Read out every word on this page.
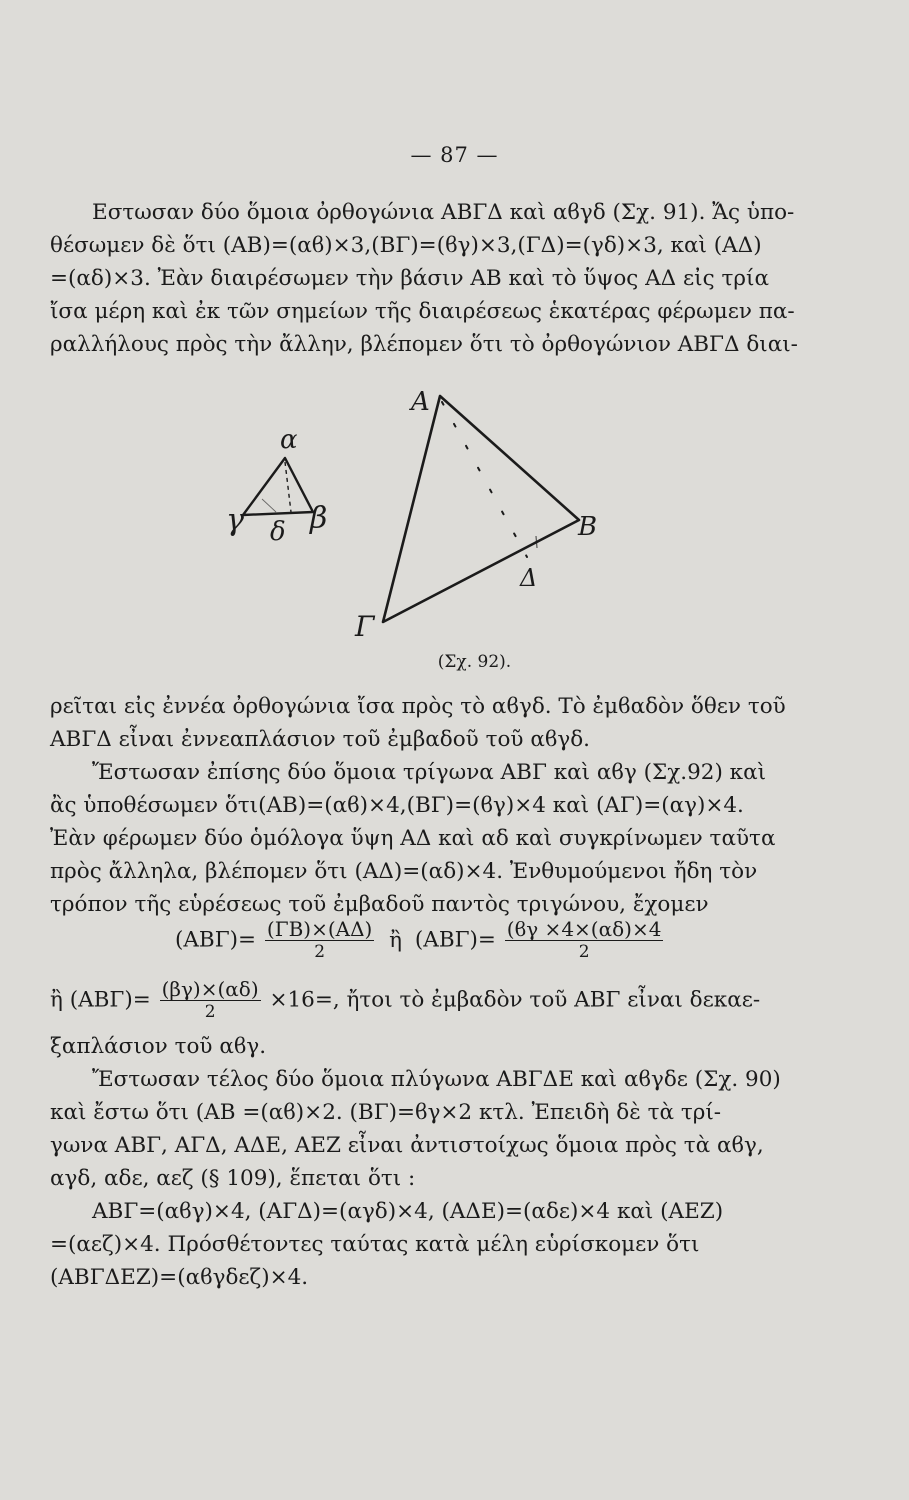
— 87 —
Εστωσαν δύο ὅμοια ὀρθογώνια ΑΒΓΔ καὶ αϐγδ (Σχ. 91). Ἄς ὑπο-
θέσωμεν δὲ ὅτι (ΑΒ)=(αϐ)×3,(ΒΓ)=(ϐγ)×3,(ΓΔ)=(γδ)×3, καὶ (ΑΔ)
=(αδ)×3. Ἐὰν διαιρέσωμεν τὴν βάσιν ΑΒ καὶ τὸ ὕψος ΑΔ εἰς τρία
ἴσα μέρη καὶ ἐκ τῶν σημείων τῆς διαιρέσεως ἑκατέρας φέρωμεν πα-
ραλλήλους πρὸς τὴν ἄλλην, βλέπομεν ὅτι τὸ ὀρθογώνιον ΑΒΓΔ διαι-
α
γ δ β
Α
Β
Γ
Δ
(Σχ. 92).
ρεῖται εἰς ἐννέα ὀρθογώνια ἴσα πρὸς τὸ αϐγδ. Τὸ ἐμϐαδὸν ὅθεν τοῦ
ΑΒΓΔ εἶναι ἐννεαπλάσιον τοῦ ἐμβαδοῦ τοῦ αϐγδ.
Ἔστωσαν ἐπίσης δύο ὅμοια τρίγωνα ΑΒΓ καὶ αϐγ (Σχ.92) καὶ
ἂς ὑποθέσωμεν ὅτι(ΑΒ)=(αϐ)×4,(ΒΓ)=(ϐγ)×4 καὶ (ΑΓ)=(αγ)×4.
Ἐὰν φέρωμεν δύο ὁμόλογα ὕψη ΑΔ καὶ αδ καὶ συγκρίνωμεν ταῦτα
πρὸς ἄλληλα, βλέπομεν ὅτι (ΑΔ)=(αδ)×4. Ἐνθυμούμενοι ἤδη τὸν
τρόπον τῆς εὑρέσεως τοῦ ἐμβαδοῦ παντὸς τριγώνου, ἔχομεν
$(AB\Gamma)= \frac{(\Gamma B)\times(A\Delta)}{2}$ ἢ $(AB\Gamma)= \frac{(ϐ\gamma \times 4\times(\alpha\delta)\times 4}{2}$
ἢ $(AB\Gamma)= \frac{(\beta\gamma)\times(\alpha\delta)}{2} \times 16=$, ἤτοι τὸ ἐμβαδὸν τοῦ ΑΒΓ εἶναι δεκαε-
ξαπλάσιον τοῦ αϐγ.
Ἔστωσαν τέλος δύο ὅμοια πλύγωνα ΑΒΓΔΕ καὶ αϐγδε (Σχ. 90)
καὶ ἔστω ὅτι (ΑΒ =(αϐ)×2. (ΒΓ)=ϐγ×2 κτλ. Ἐπειδὴ δὲ τὰ τρί-
γωνα ΑΒΓ, ΑΓΔ, ΑΔΕ, ΑΕΖ εἶναι ἀντιστοίχως ὅμοια πρὸς τὰ αϐγ,
αγδ, αδε, αεζ (§ 109), ἕπεται ὅτι :
ΑΒΓ=(αϐγ)×4, (ΑΓΔ)=(αγδ)×4, (ΑΔΕ)=(αδε)×4 καὶ (ΑΕΖ)
=(αεζ)×4. Πρόσθέτοντες ταύτας κατὰ μέλη εὑρίσκομεν ὅτι
(ΑΒΓΔΕΖ)=(αϐγδεζ)×4.
